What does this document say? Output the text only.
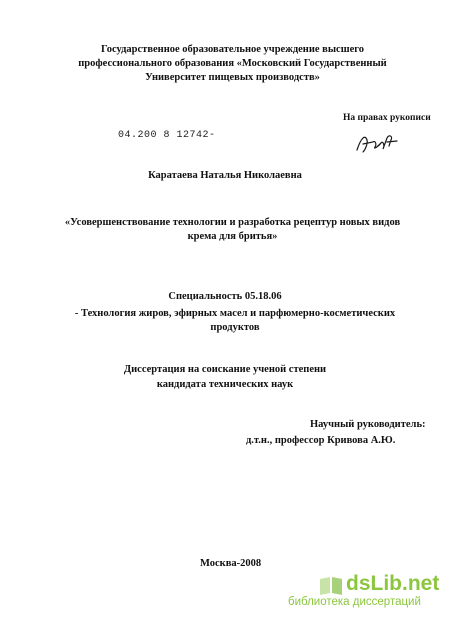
Государственное образовательное учреждение высшего
профессионального образования «Московский Государственный
Университет пищевых производств»
На правах рукописи
04.200 8 12742-
Каратаева Наталья Николаевна
«Усовершенствование технологии и разработка рецептур новых видов
крема для бритья»
Специальность 05.18.06
- Технология жиров, эфирных масел и парфюмерно-косметических
продуктов
Диссертация на соискание ученой степени
кандидата технических наук
Научный руководитель:
д.т.н., профессор Кривова А.Ю.
Москва-2008
dsLib.net
библиотека диссертаций
